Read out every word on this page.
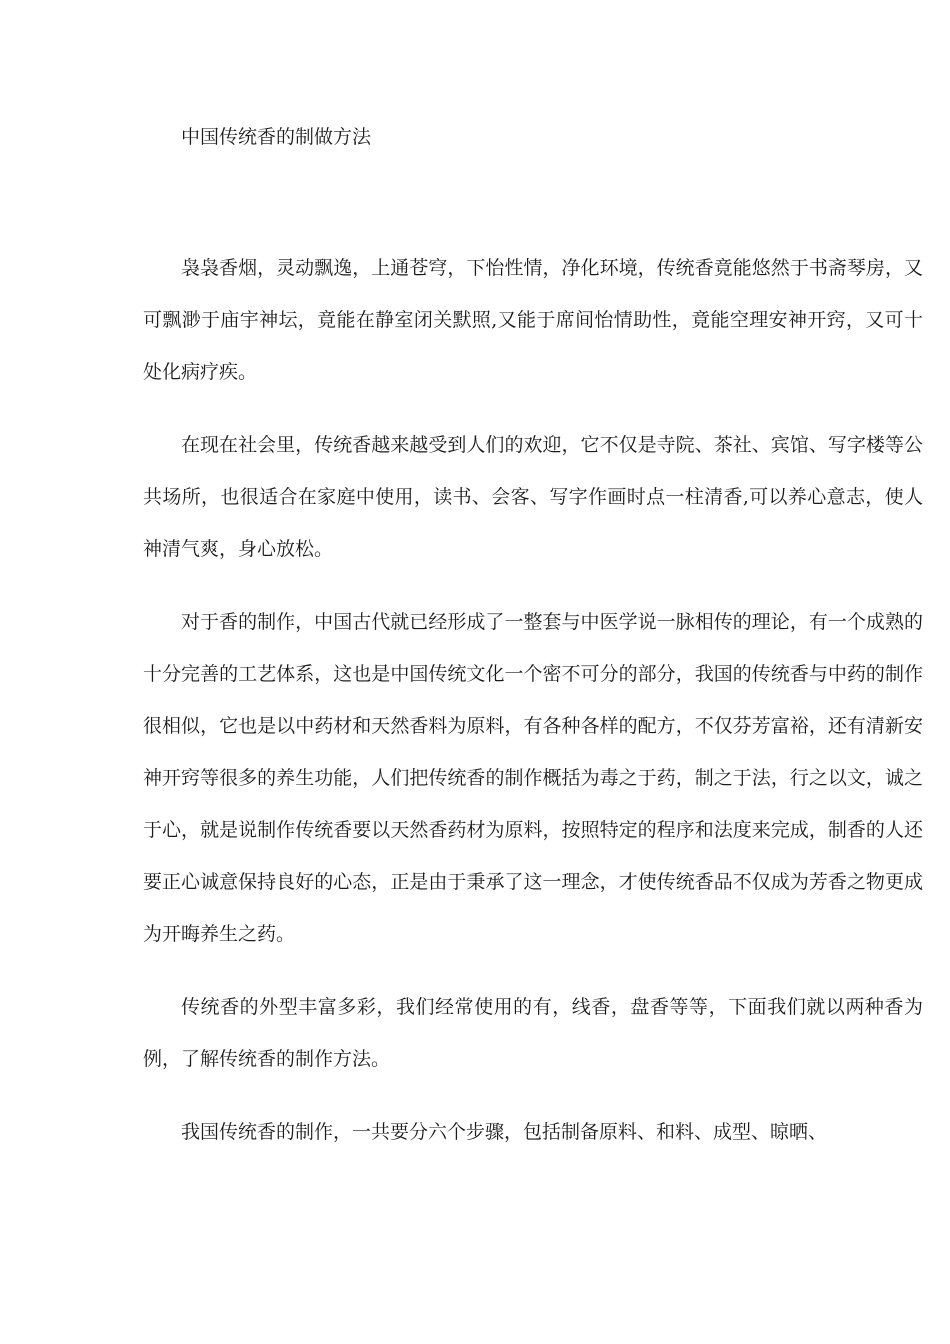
中国传统香的制做方法

袅袅香烟，灵动飘逸，上通苍穹，下怡性情，净化环境，传统香竟能悠然于书斋琴房，又可飘渺于庙宇神坛，竟能在静室闭关默照,又能于席间怡情助性，竟能空理安神开窍，又可十处化病疗疾。

在现在社会里，传统香越来越受到人们的欢迎，它不仅是寺院、茶社、宾馆、写字楼等公共场所，也很适合在家庭中使用，读书、会客、写字作画时点一柱清香,可以养心意志，使人神清气爽，身心放松。

对于香的制作，中国古代就已经形成了一整套与中医学说一脉相传的理论，有一个成熟的十分完善的工艺体系，这也是中国传统文化一个密不可分的部分，我国的传统香与中药的制作很相似，它也是以中药材和天然香料为原料，有各种各样的配方，不仅芬芳富裕，还有清新安神开窍等很多的养生功能，人们把传统香的制作概括为毒之于药，制之于法，行之以文，诚之于心，就是说制作传统香要以天然香药材为原料，按照特定的程序和法度来完成，制香的人还要正心诚意保持良好的心态，正是由于秉承了这一理念，才使传统香品不仅成为芳香之物更成为开晦养生之药。

传统香的外型丰富多彩，我们经常使用的有，线香，盘香等等，下面我们就以两种香为例，了解传统香的制作方法。

我国传统香的制作，一共要分六个步骤，包括制备原料、和料、成型、晾晒、
